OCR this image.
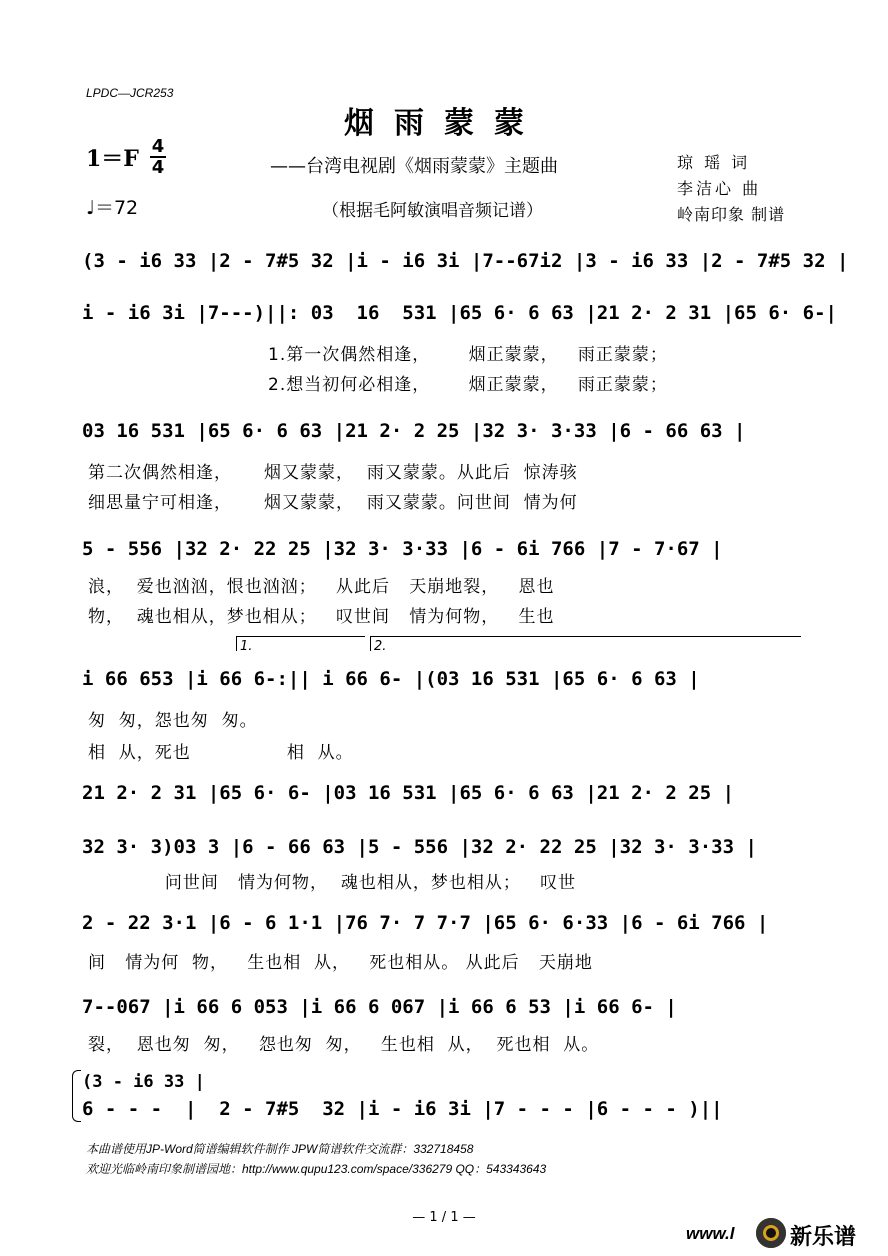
LPDC—JCR253
烟雨蒙蒙
1＝F 4
4
♩＝72
——台湾电视剧《烟雨蒙蒙》主题曲
（根据毛阿敏演唱音频记谱）
琼 瑶 词
李洁心 曲
岭南印象 制谱
(3 - i6 33 |2 - 7#5 32 |i - i6 3i |7--67i2 |3 - i6 33 |2 - 7#5 32 |
i - i6 3i |7---)||: 03  16  531 |65 6· 6 63 |21 2· 2 31 |65 6· 6-|
1.第一次偶然相逢，      烟正蒙蒙，   雨正蒙蒙；
2.想当初何必相逢，      烟正蒙蒙，   雨正蒙蒙；
03 16 531 |65 6· 6 63 |21 2· 2 25 |32 3· 3·33 |6 - 66 63 |
第二次偶然相逢，     烟又蒙蒙，  雨又蒙蒙。从此后  惊涛骇
细思量宁可相逢，     烟又蒙蒙，  雨又蒙蒙。问世间  情为何
5 - 556 |32 2· 22 25 |32 3· 3·33 |6 - 6i 766 |7 - 7·67 |
浪，  爱也汹汹，恨也汹汹；   从此后   天崩地裂，   恩也
物，  魂也相从，梦也相从；   叹世间   情为何物，   生也
1.	2.
i 66 653 |i 66 6-:|| i 66 6- |(03 16 531 |65 6· 6 63 |
匆  匆，怨也匆  匆。
相  从，死也               相  从。
21 2· 2 31 |65 6· 6- |03 16 531 |65 6· 6 63 |21 2· 2 25 |
32 3· 3)03 3 |6 - 66 63 |5 - 556 |32 2· 22 25 |32 3· 3·33 |
问世间   情为何物，  魂也相从，梦也相从；   叹世
2 - 22 3·1 |6 - 6 1·1 |76 7· 7 7·7 |65 6· 6·33 |6 - 6i 766 |
间   情为何  物，   生也相  从，   死也相从。 从此后   天崩地
7--067 |i 66 6 053 |i 66 6 067 |i 66 6 53 |i 66 6- |
裂，  恩也匆  匆，   怨也匆  匆，   生也相  从，  死也相  从。
(3 - i6 33 |
6 - - -  |  2 - 7#5  32 |i - i6 3i |7 - - - |6 - - - )||
本曲谱使用JP-Word简谱编辑软件制作 JPW简谱软件交流群：332718458
欢迎光临岭南印象制谱园地：http://www.qupu123.com/space/336279 QQ：543343643
— 1 / 1 —
www.l	新乐谱
